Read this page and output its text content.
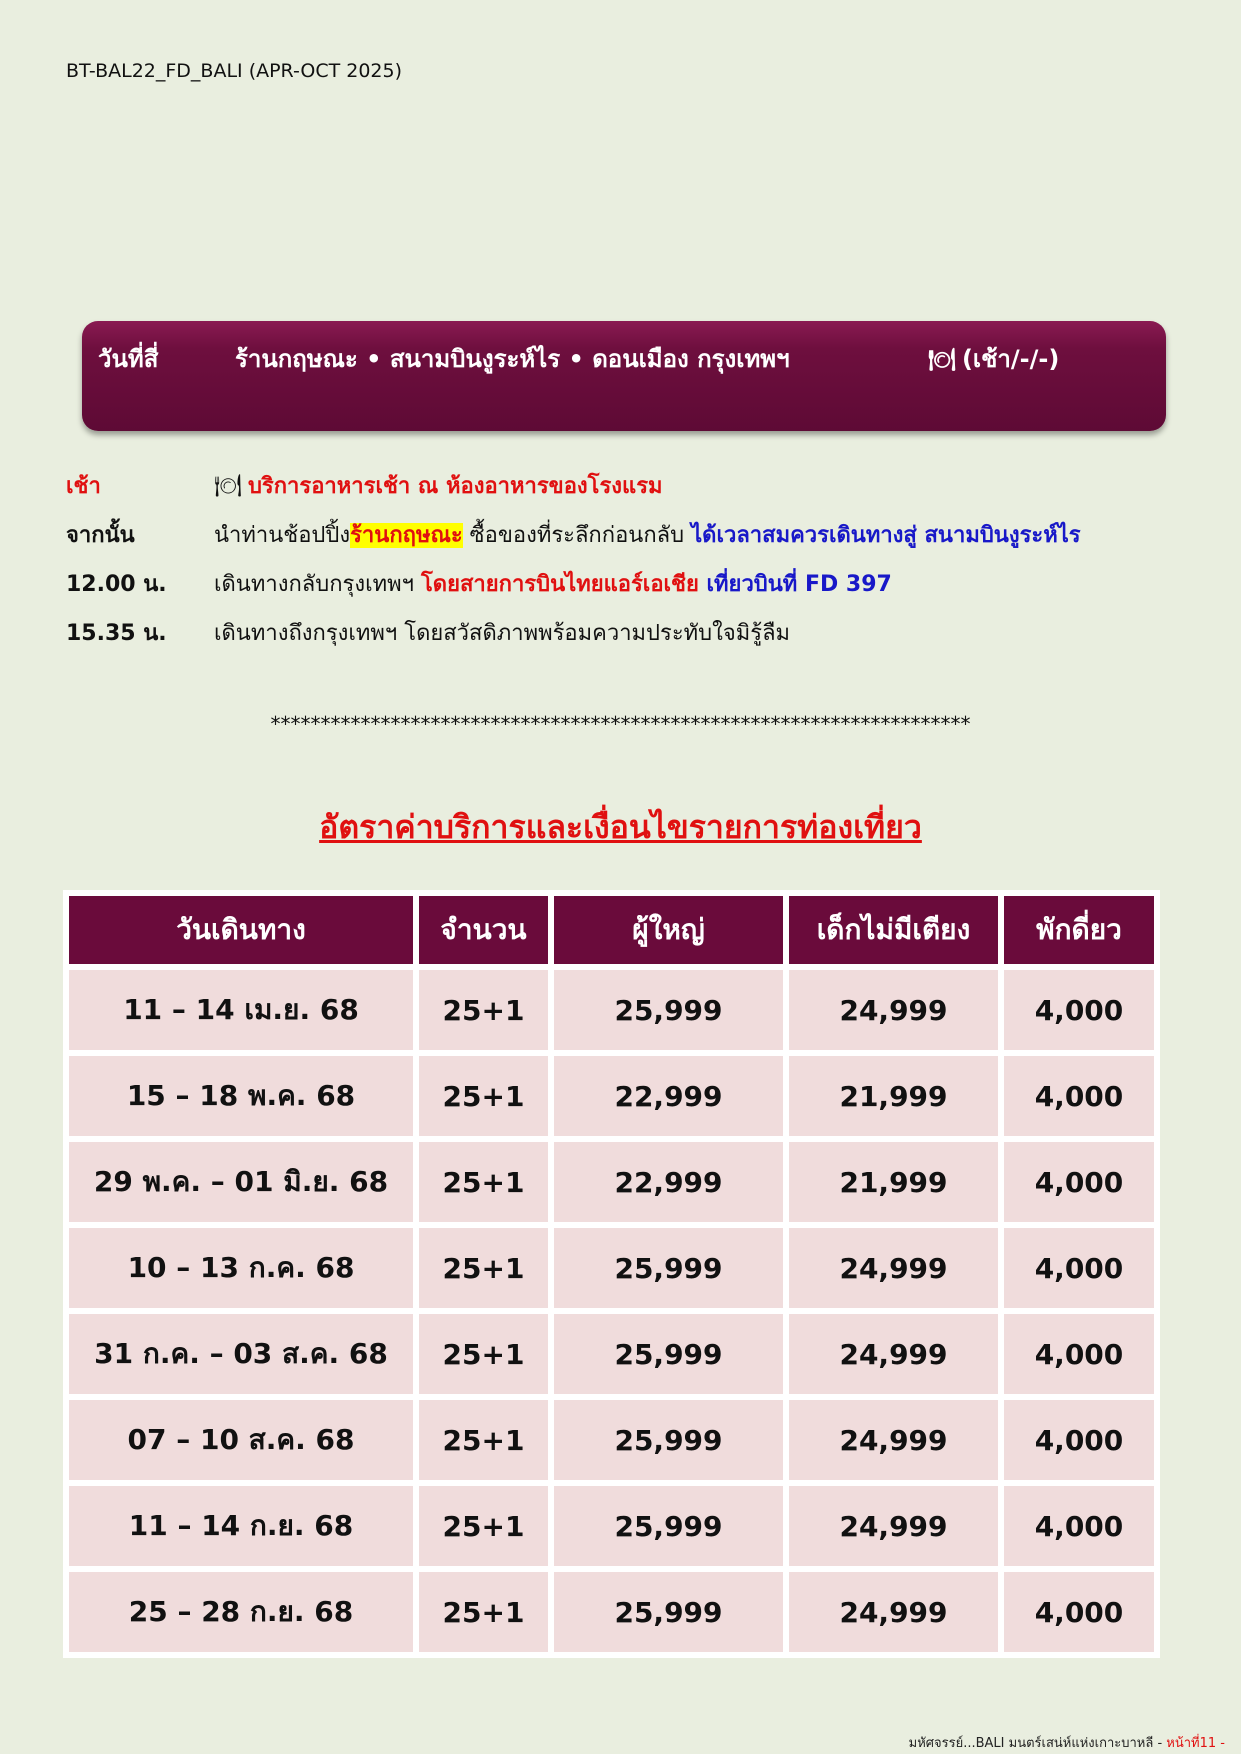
BT-BAL22_FD_BALI (APR-OCT 2025)
วันที่สี่	ร้านกฤษณะ • สนามบินงูระห์ไร • ดอนเมือง กรุงเทพฯ	🍽 (เช้า/-/-)
เช้า	🍽 บริการอาหารเช้า ณ ห้องอาหารของโรงแรม
จากนั้น	นำท่านช้อปปิ้งร้านกฤษณะ ซื้อของที่ระลึกก่อนกลับ ได้เวลาสมควรเดินทางสู่ สนามบินงูระห์ไร
12.00 น. เดินทางกลับกรุงเทพฯ โดยสายการบินไทยแอร์เอเชีย เที่ยวบินที่ FD 397
15.35 น. เดินทางถึงกรุงเทพฯ โดยสวัสดิภาพพร้อมความประทับใจมิรู้ลืม
**********************************************************************
อัตราค่าบริการและเงื่อนไขรายการท่องเที่ยว
วันเดินทาง	จำนวน	ผู้ใหญ่	เด็กไม่มีเตียง	พักดี่ยว
11 – 14 เม.ย. 68	25+1	25,999	24,999	4,000
15 – 18 พ.ค. 68	25+1	22,999	21,999	4,000
29 พ.ค. – 01 มิ.ย. 68	25+1	22,999	21,999	4,000
10 – 13 ก.ค. 68	25+1	25,999	24,999	4,000
31 ก.ค. – 03 ส.ค. 68	25+1	25,999	24,999	4,000
07 – 10 ส.ค. 68	25+1	25,999	24,999	4,000
11 – 14 ก.ย. 68	25+1	25,999	24,999	4,000
25 – 28 ก.ย. 68	25+1	25,999	24,999	4,000
มหัศจรรย์...BALI มนตร์เสน่ห์แห่งเกาะบาหลี - หน้าที่11 -
